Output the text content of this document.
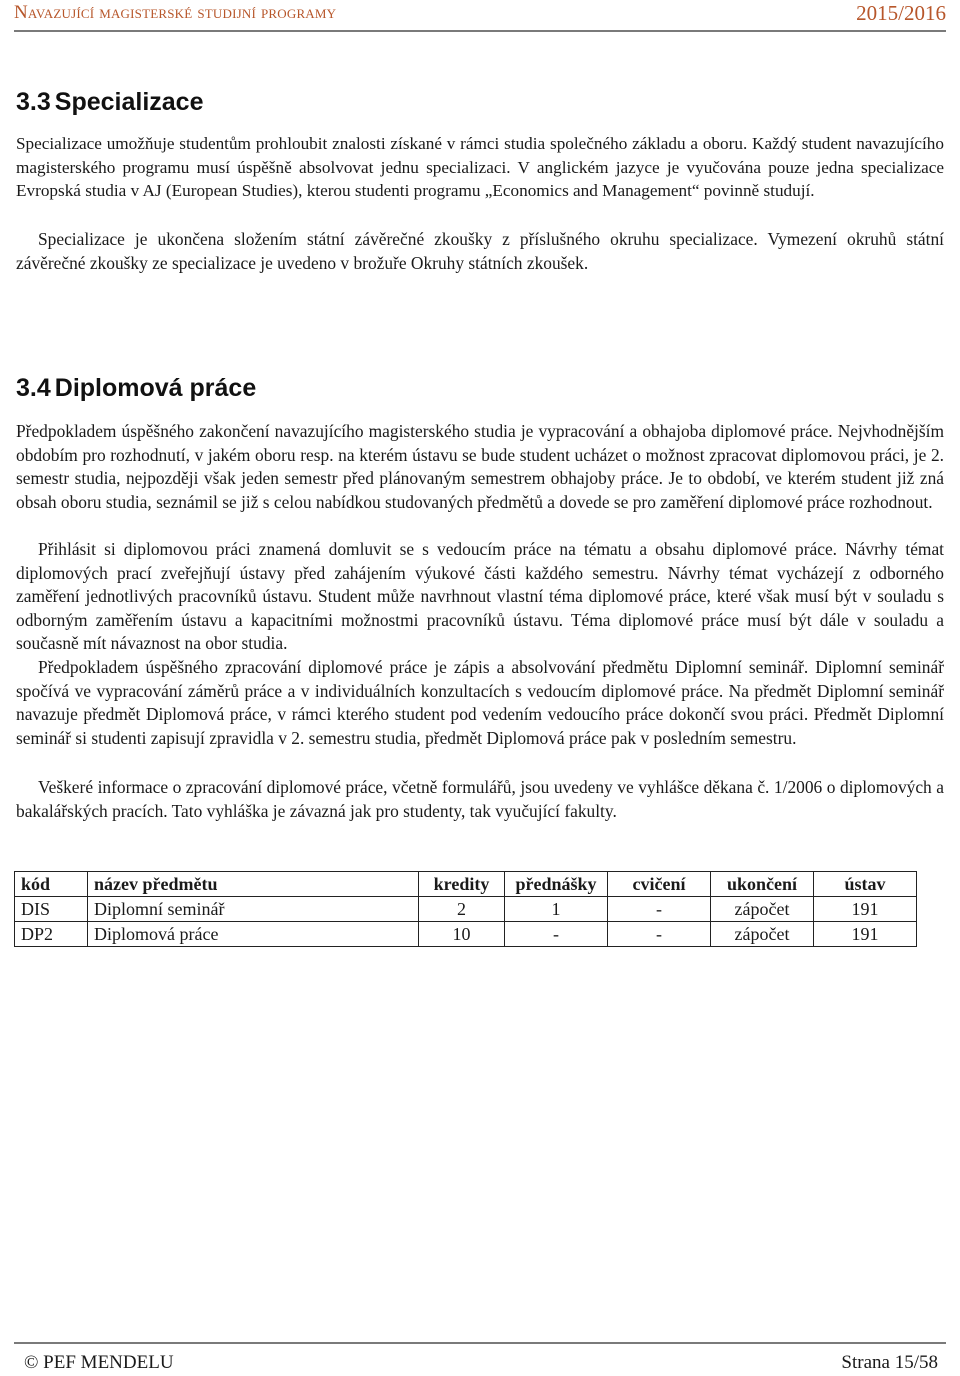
Navazující magisterské studijní programy	2015/2016
3.3 Specializace
Specializace umožňuje studentům prohloubit znalosti získané v rámci studia společného základu a oboru. Každý student navazujícího magisterského programu musí úspěšně absolvovat jednu specializaci. V anglickém jazyce je vyučována pouze jedna specializace Evropská studia v AJ (European Studies), kterou studenti programu „Economics and Management“ povinně studují.
Specializace je ukončena složením státní závěrečné zkoušky z příslušného okruhu specializace. Vymezení okruhů státní závěrečné zkoušky ze specializace je uvedeno v brožuře Okruhy státních zkoušek.
3.4 Diplomová práce
Předpokladem úspěšného zakončení navazujícího magisterského studia je vypracování a obhajoba diplomové práce. Nejvhodnějším obdobím pro rozhodnutí, v jakém oboru resp. na kterém ústavu se bude student ucházet o možnost zpracovat diplomovou práci, je 2. semestr studia, nejpozději však jeden semestr před plánovaným semestrem obhajoby práce. Je to období, ve kterém student již zná obsah oboru studia, seznámil se již s celou nabídkou studovaných předmětů a dovede se pro zaměření diplomové práce rozhodnout.
Přihlásit si diplomovou práci znamená domluvit se s vedoucím práce na tématu a obsahu diplomové práce. Návrhy témat diplomových prací zveřejňují ústavy před zahájením výukové části každého semestru. Návrhy témat vycházejí z odborného zaměření jednotlivých pracovníků ústavu. Student může navrhnout vlastní téma diplomové práce, které však musí být v souladu s odborným zaměřením ústavu a kapacitními možnostmi pracovníků ústavu. Téma diplomové práce musí být dále v souladu a současně mít návaznost na obor studia.
Předpokladem úspěšného zpracování diplomové práce je zápis a absolvování předmětu Diplomní seminář. Diplomní seminář spočívá ve vypracování záměrů práce a v individuálních konzultacích s vedoucím diplomové práce. Na předmět Diplomní seminář navazuje předmět Diplomová práce, v rámci kterého student pod vedením vedoucího práce dokončí svou práci. Předmět Diplomní seminář si studenti zapisují zpravidla v 2. semestru studia, předmět Diplomová práce pak v posledním semestru.
Veškeré informace o zpracování diplomové práce, včetně formulářů, jsou uvedeny ve vyhlášce děkana č. 1/2006 o diplomových a bakalářských pracích. Tato vyhláška je závazná jak pro studenty, tak vyučující fakulty.
kód	název předmětu	kredity	přednášky	cvičení	ukončení	ústav
DIS	Diplomní seminář	2	1	-	zápočet	191
DP2	Diplomová práce	10	-	-	zápočet	191
© PEF MENDELU	Strana 15/58
